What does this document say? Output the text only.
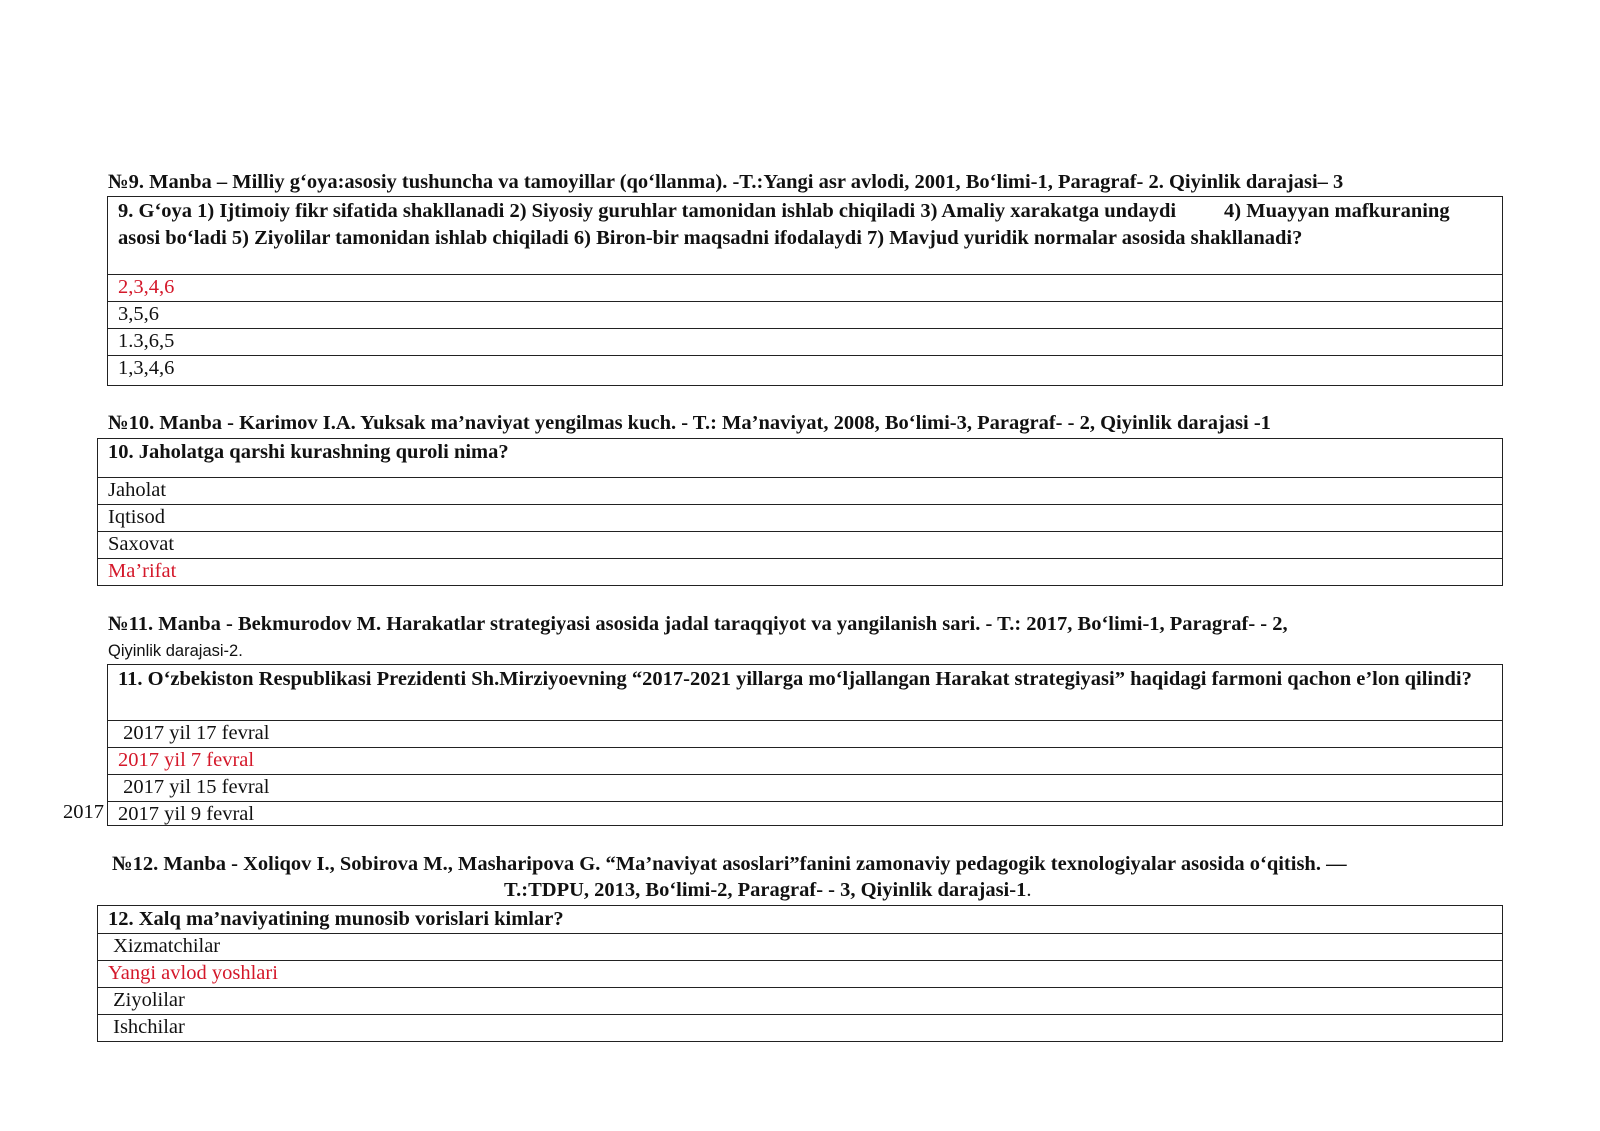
№9. Manba – Milliy g‘oya:asosiy tushuncha va tamoyillar (qo‘llanma). -T.:Yangi asr avlodi, 2001, Bo‘limi-1, Paragraf- 2. Qiyinlik darajasi– 3
9. G‘oya 1) Ijtimoiy fikr sifatida shakllanadi 2) Siyosiy guruhlar tamonidan ishlab chiqiladi 3) Amaliy xarakatga undaydi 4) Muayyan mafkuraning asosi bo‘ladi 5) Ziyolilar tamonidan ishlab chiqiladi 6) Biron-bir maqsadni ifodalaydi 7) Mavjud yuridik normalar asosida shakllanadi?
2,3,4,6
3,5,6
1.3,6,5
1,3,4,6
№10. Manba - Karimov I.A. Yuksak ma’naviyat yengilmas kuch. - T.: Ma’naviyat, 2008, Bo‘limi-3, Paragraf- - 2, Qiyinlik darajasi -1
10. Jaholatga qarshi kurashning quroli nima?
Jaholat
Iqtisod
Saxovat
Ma’rifat
№11. Manba - Bekmurodov M. Harakatlar strategiyasi asosida jadal taraqqiyot va yangilanish sari. - T.: 2017, Bo‘limi-1, Paragraf- - 2,
Qiyinlik darajasi-2.
2017
11. O‘zbekiston Respublikasi Prezidenti Sh.Mirziyoevning “2017-2021 yillarga mo‘ljallangan Harakat strategiyasi” haqidagi farmoni qachon e’lon qilindi?
2017 yil 17 fevral
2017 yil 7 fevral
2017 yil 15 fevral
2017 yil 9 fevral
№12. Manba - Xoliqov I., Sobirova M., Masharipova G. “Ma’naviyat asoslari”fanini zamonaviy pedagogik texnologiyalar asosida o‘qitish. —
T.:TDPU, 2013, Bo‘limi-2, Paragraf- - 3, Qiyinlik darajasi-1.
12. Xalq ma’naviyatining munosib vorislari kimlar?
Xizmatchilar
Yangi avlod yoshlari
Ziyolilar
Ishchilar
